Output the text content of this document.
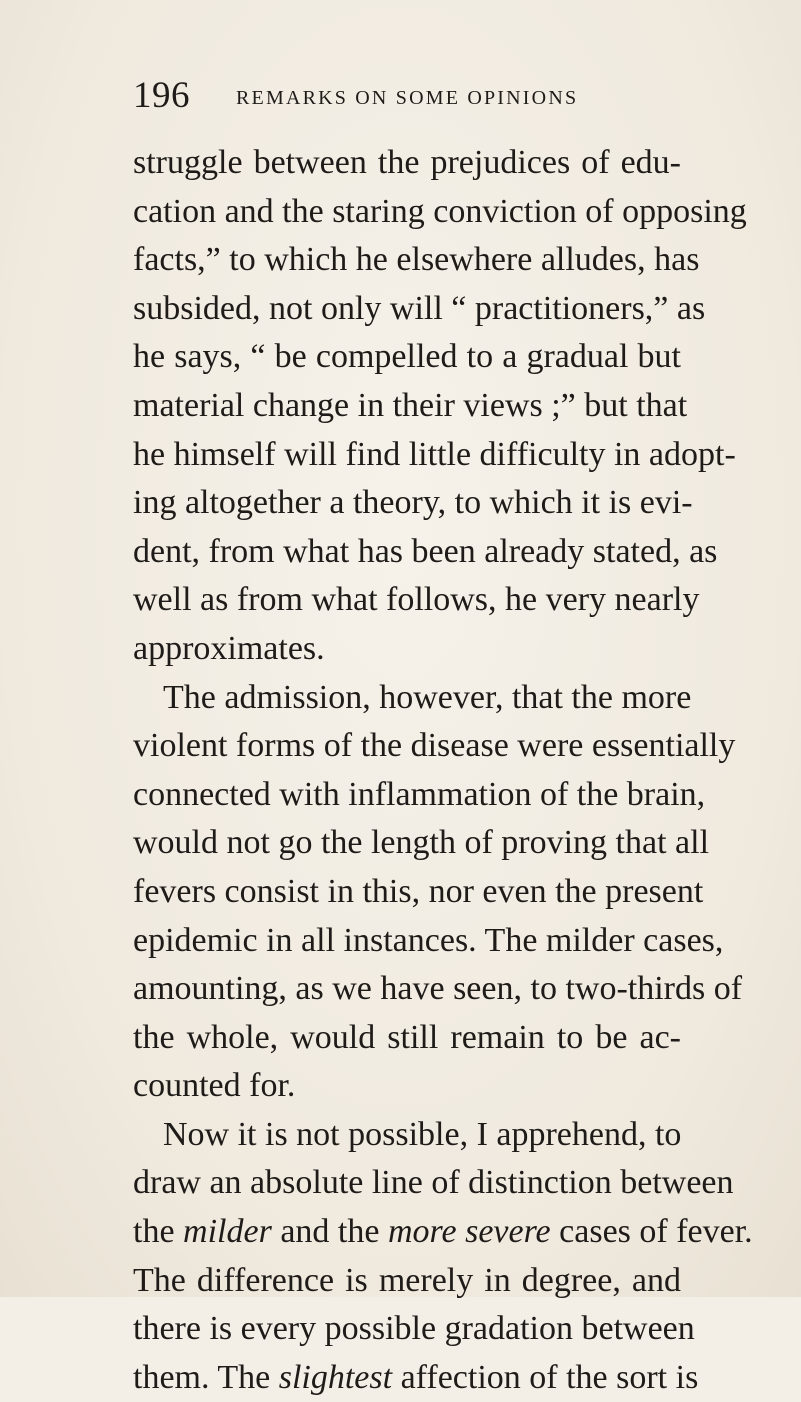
196 REMARKS ON SOME OPINIONS
struggle between the prejudices of edu-
cation and the staring conviction of opposing
facts,” to which he elsewhere alludes, has
subsided, not only will “ practitioners,” as
he says, “ be compelled to a gradual but
material change in their views ;” but that
he himself will find little difficulty in adopt-
ing altogether a theory, to which it is evi-
dent, from what has been already stated, as
well as from what follows, he very nearly
approximates.
The admission, however, that the more
violent forms of the disease were essentially
connected with inflammation of the brain,
would not go the length of proving that all
fevers consist in this, nor even the present
epidemic in all instances. The milder cases,
amounting, as we have seen, to two-thirds of
the whole, would still remain to be ac-
counted for.
Now it is not possible, I apprehend, to
draw an absolute line of distinction between
the milder and the more severe cases of fever.
The difference is merely in degree, and
there is every possible gradation between
them. The slightest affection of the sort is
